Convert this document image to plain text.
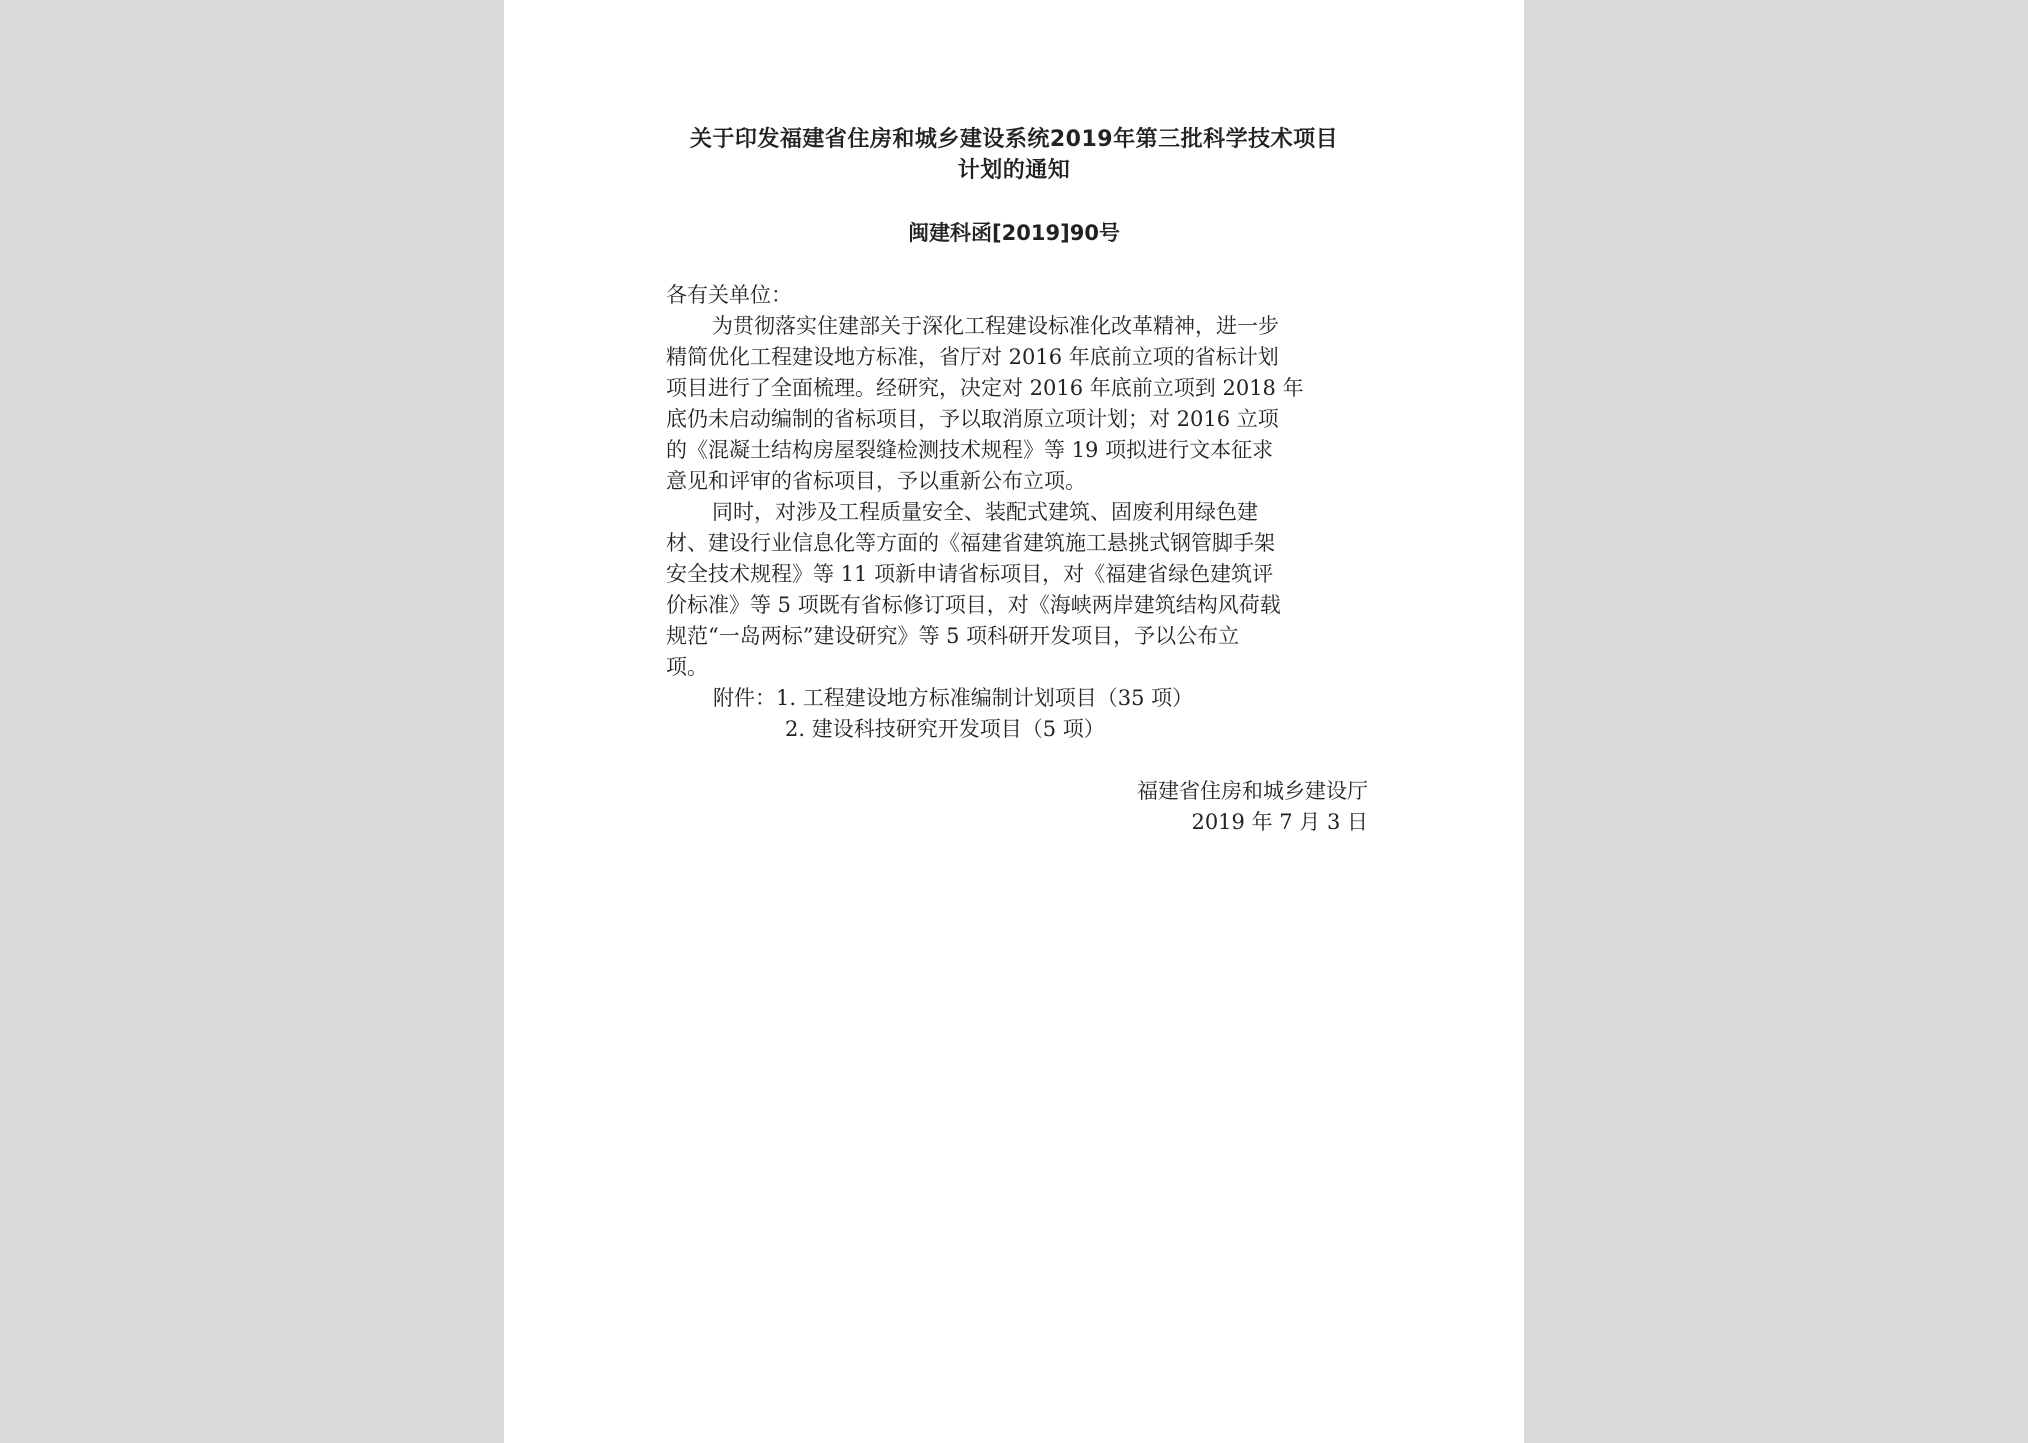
关于印发福建省住房和城乡建设系统2019年第三批科学技术项目
计划的通知
闽建科函[2019]90号
各有关单位：
为贯彻落实住建部关于深化工程建设标准化改革精神，进一步
精简优化工程建设地方标准，省厅对 2016 年底前立项的省标计划
项目进行了全面梳理。经研究，决定对 2016 年底前立项到 2018 年
底仍未启动编制的省标项目，予以取消原立项计划；对 2016 立项
的《混凝土结构房屋裂缝检测技术规程》等 19 项拟进行文本征求
意见和评审的省标项目，予以重新公布立项。
同时，对涉及工程质量安全、装配式建筑、固废利用绿色建
材、建设行业信息化等方面的《福建省建筑施工悬挑式钢管脚手架
安全技术规程》等 11 项新申请省标项目，对《福建省绿色建筑评
价标准》等 5 项既有省标修订项目，对《海峡两岸建筑结构风荷载
规范“一岛两标”建设研究》等 5 项科研开发项目，予以公布立
项。
附件： 1. 工程建设地方标准编制计划项目（35 项）
2. 建设科技研究开发项目（5 项）
福建省住房和城乡建设厅
2019 年 7 月 3 日
